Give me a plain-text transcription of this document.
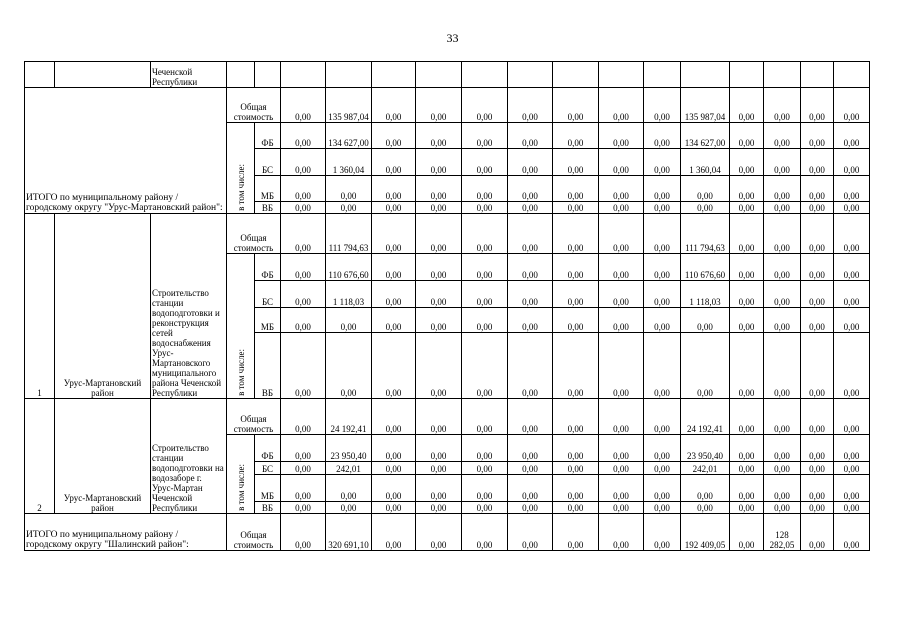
33
		Чеченской Республики																
ИТОГО по муниципальному району / городскому округу "Урус-Мартановский район":			Общая стоимость		0,00	135 987,04	0,00	0,00	0,00	0,00	0,00	0,00	0,00	135 987,04	0,00	0,00	0,00	0,00
			в том числе:	ФБ	0,00	134 627,00	0,00	0,00	0,00	0,00	0,00	0,00	0,00	134 627,00	0,00	0,00	0,00	0,00
				БС	0,00	1 360,04	0,00	0,00	0,00	0,00	0,00	0,00	0,00	1 360,04	0,00	0,00	0,00	0,00
				МБ	0,00	0,00	0,00	0,00	0,00	0,00	0,00	0,00	0,00	0,00	0,00	0,00	0,00	0,00
				ВБ	0,00	0,00	0,00	0,00	0,00	0,00	0,00	0,00	0,00	0,00	0,00	0,00	0,00	0,00
1	Урус-Мартановский район	Строительство станции водоподготовки и реконструкция сетей водоснабжения Урус-Мартановского муниципального района Чеченской Республики	Общая стоимость		0,00	111 794,63	0,00	0,00	0,00	0,00	0,00	0,00	0,00	111 794,63	0,00	0,00	0,00	0,00
			в том числе:	ФБ	0,00	110 676,60	0,00	0,00	0,00	0,00	0,00	0,00	0,00	110 676,60	0,00	0,00	0,00	0,00
				БС	0,00	1 118,03	0,00	0,00	0,00	0,00	0,00	0,00	0,00	1 118,03	0,00	0,00	0,00	0,00
				МБ	0,00	0,00	0,00	0,00	0,00	0,00	0,00	0,00	0,00	0,00	0,00	0,00	0,00	0,00
				ВБ	0,00	0,00	0,00	0,00	0,00	0,00	0,00	0,00	0,00	0,00	0,00	0,00	0,00	0,00
2	Урус-Мартановский район	Строительство станции водоподготовки на водозаборе г. Урус-Мартан Чеченской Республики	Общая стоимость		0,00	24 192,41	0,00	0,00	0,00	0,00	0,00	0,00	0,00	24 192,41	0,00	0,00	0,00	0,00
			в том числе:	ФБ	0,00	23 950,40	0,00	0,00	0,00	0,00	0,00	0,00	0,00	23 950,40	0,00	0,00	0,00	0,00
				БС	0,00	242,01	0,00	0,00	0,00	0,00	0,00	0,00	0,00	242,01	0,00	0,00	0,00	0,00
				МБ	0,00	0,00	0,00	0,00	0,00	0,00	0,00	0,00	0,00	0,00	0,00	0,00	0,00	0,00
				ВБ	0,00	0,00	0,00	0,00	0,00	0,00	0,00	0,00	0,00	0,00	0,00	0,00	0,00	0,00
ИТОГО по муниципальному району / городскому округу "Шалинский район":			Общая стоимость		0,00	320 691,10	0,00	0,00	0,00	0,00	0,00	0,00	0,00	192 409,05	0,00	128 282,05	0,00	0,00
